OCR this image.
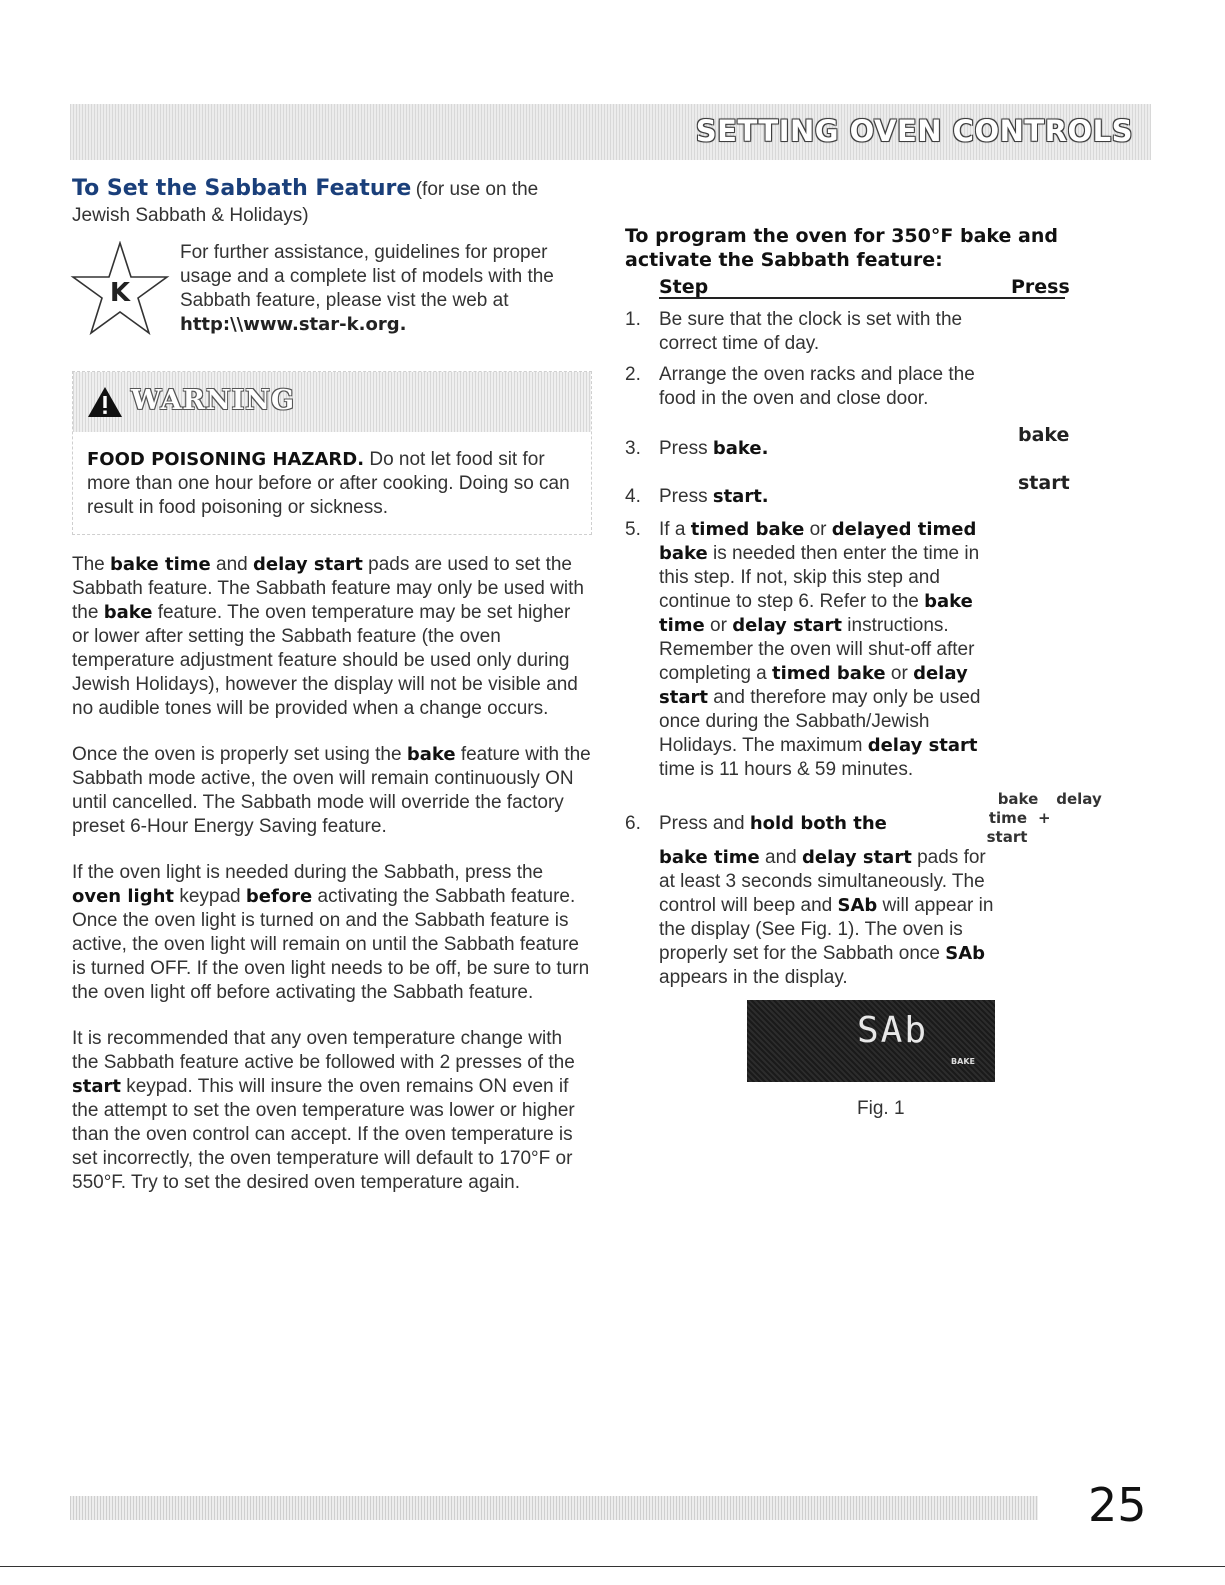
SETTING OVEN CONTROLS
To Set the Sabbath Feature (for use on the
Jewish Sabbath & Holidays)
K
For further assistance, guidelines for proper usage and a complete list of models with the Sabbath feature, please vist the web at
http:\\www.star-k.org.
WARNING
FOOD POISONING HAZARD. Do not let food sit for more than one hour before or after cooking. Doing so can result in food poisoning or sickness.
The bake time and delay start pads are used to set the Sabbath feature. The Sabbath feature may only be used with the bake feature. The oven temperature may be set higher or lower after setting the Sabbath feature (the oven temperature adjustment feature should be used only during Jewish Holidays), however the display will not be visible and no audible tones will be provided when a change occurs.
Once the oven is properly set using the bake feature with the Sabbath mode active, the oven will remain continuously ON until cancelled. The Sabbath mode will override the factory preset 6-Hour Energy Saving feature.
If the oven light is needed during the Sabbath, press the oven light keypad before activating the Sabbath feature. Once the oven light is turned on and the Sabbath feature is active, the oven light will remain on until the Sabbath feature is turned OFF. If the oven light needs to be off, be sure to turn the oven light off before activating the Sabbath feature.
It is recommended that any oven temperature change with the Sabbath feature active be followed with 2 presses of the start keypad. This will insure the oven remains ON even if the attempt to set the oven temperature was lower or higher than the oven control can accept. If the oven temperature is set incorrectly, the oven temperature will default to 170°F or 550°F. Try to set the desired oven temperature again.
To program the oven for 350°F bake and activate the Sabbath feature:
Step	Press
1. Be sure that the clock is set with the correct time of day.
2. Arrange the oven racks and place the food in the oven and close door.
3. Press bake.
bake
4. Press start.
start
5. If a timed bake or delayed timed bake is needed then enter the time in this step. If not, skip this step and continue to step 6. Refer to the bake time or delay start instructions. Remember the oven will shut-off after completing a timed bake or delay start and therefore may only be used once during the Sabbath/Jewish Holidays. The maximum delay start time is 11 hours & 59 minutes.
6. Press and hold both the
bake time and delay start pads for at least 3 seconds simultaneously. The control will beep and SAb will appear in the display (See Fig. 1). The oven is properly set for the Sabbath once SAb appears in the display.
bake delay
time + start
SAb
BAKE
Fig. 1
25
